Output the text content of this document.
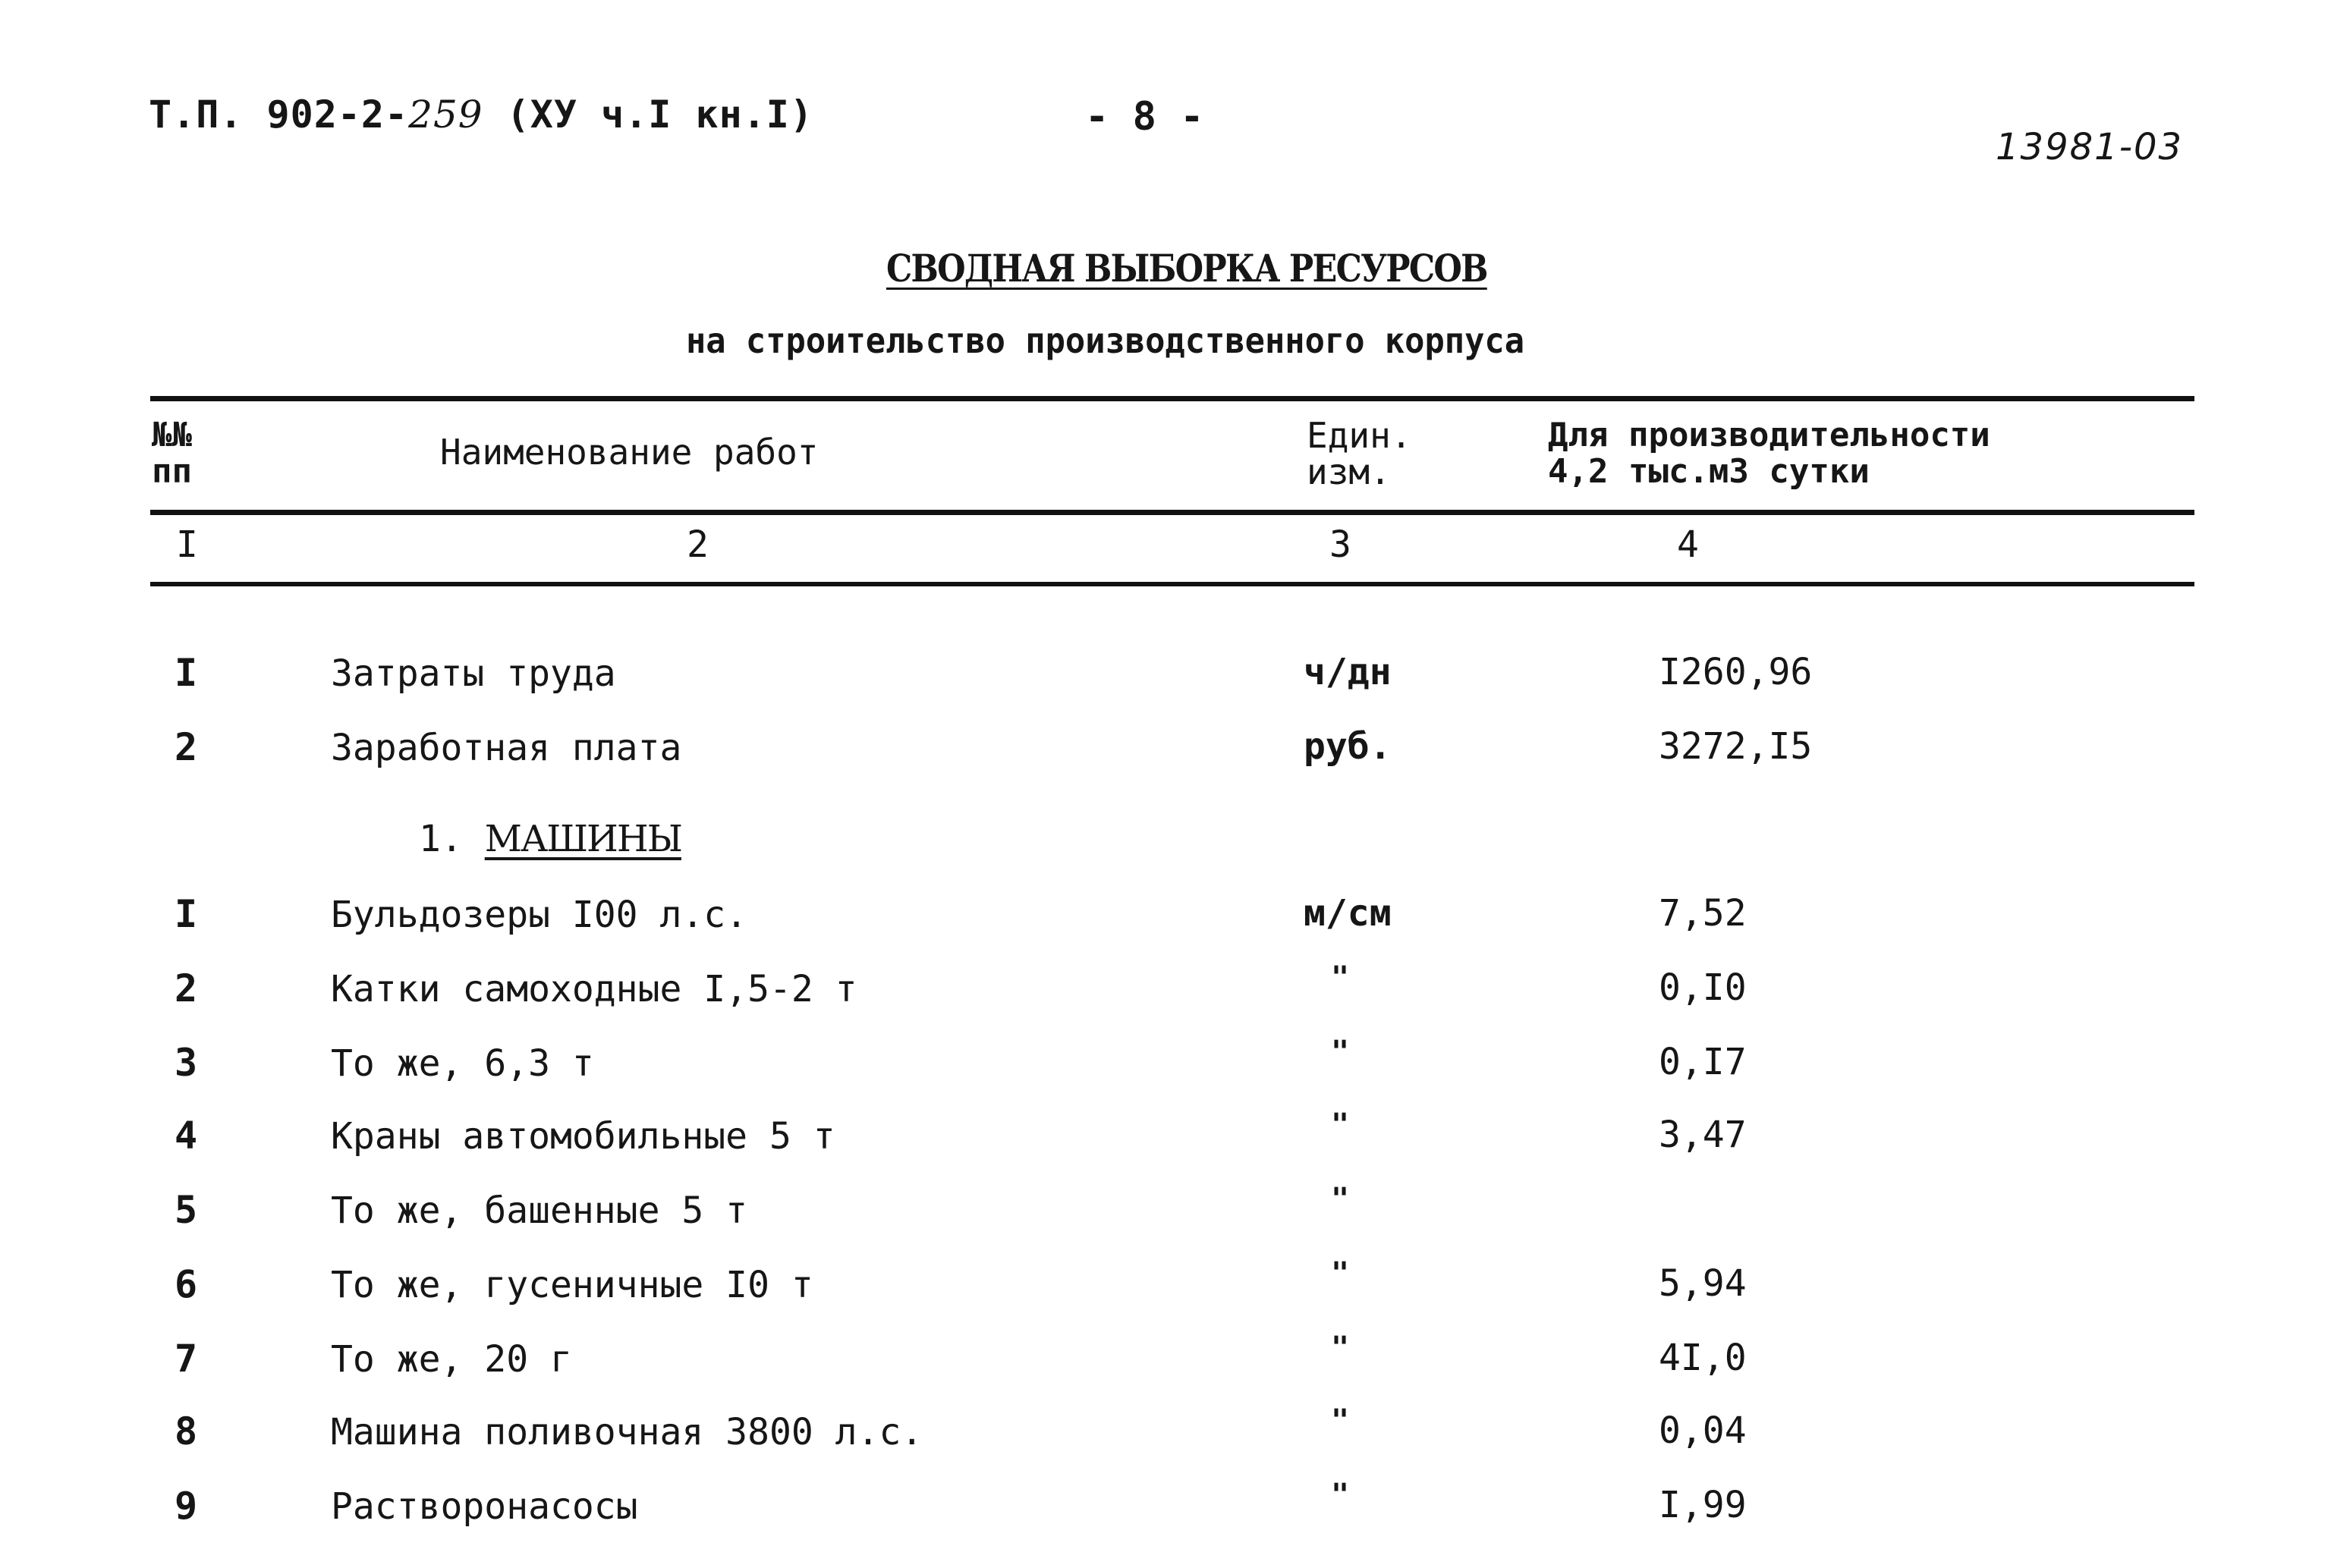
Т.П. 902-2-259 (ХУ ч.I кн.I)	- 8 -
13981-03
СВОДНАЯ ВЫБОРКА РЕСУРСОВ
на строительство производственного корпуса
№№
пп	Наименование работ	Един.
изм.
Для производительности
4,2 тыс.м3 сутки
I	2	3	4
I	Затраты труда	ч/дн	I260,96
2	Заработная плата	руб.	3272,I5
1. МАШИНЫ
I	Бульдозеры I00 л.с.	м/см	7,52
2	Катки самоходные I,5-2 т	"	0,I0
3	То же, 6,3 т	"	0,I7
4	Краны автомобильные 5 т	"	3,47
5	То же, башенные 5 т	"
6	То же, гусеничные I0 т	"	5,94
7	То же, 20 г	"	4I,0
8	Машина поливочная 3800 л.с.	"	0,04
9	Растворонасосы	"	I,99
